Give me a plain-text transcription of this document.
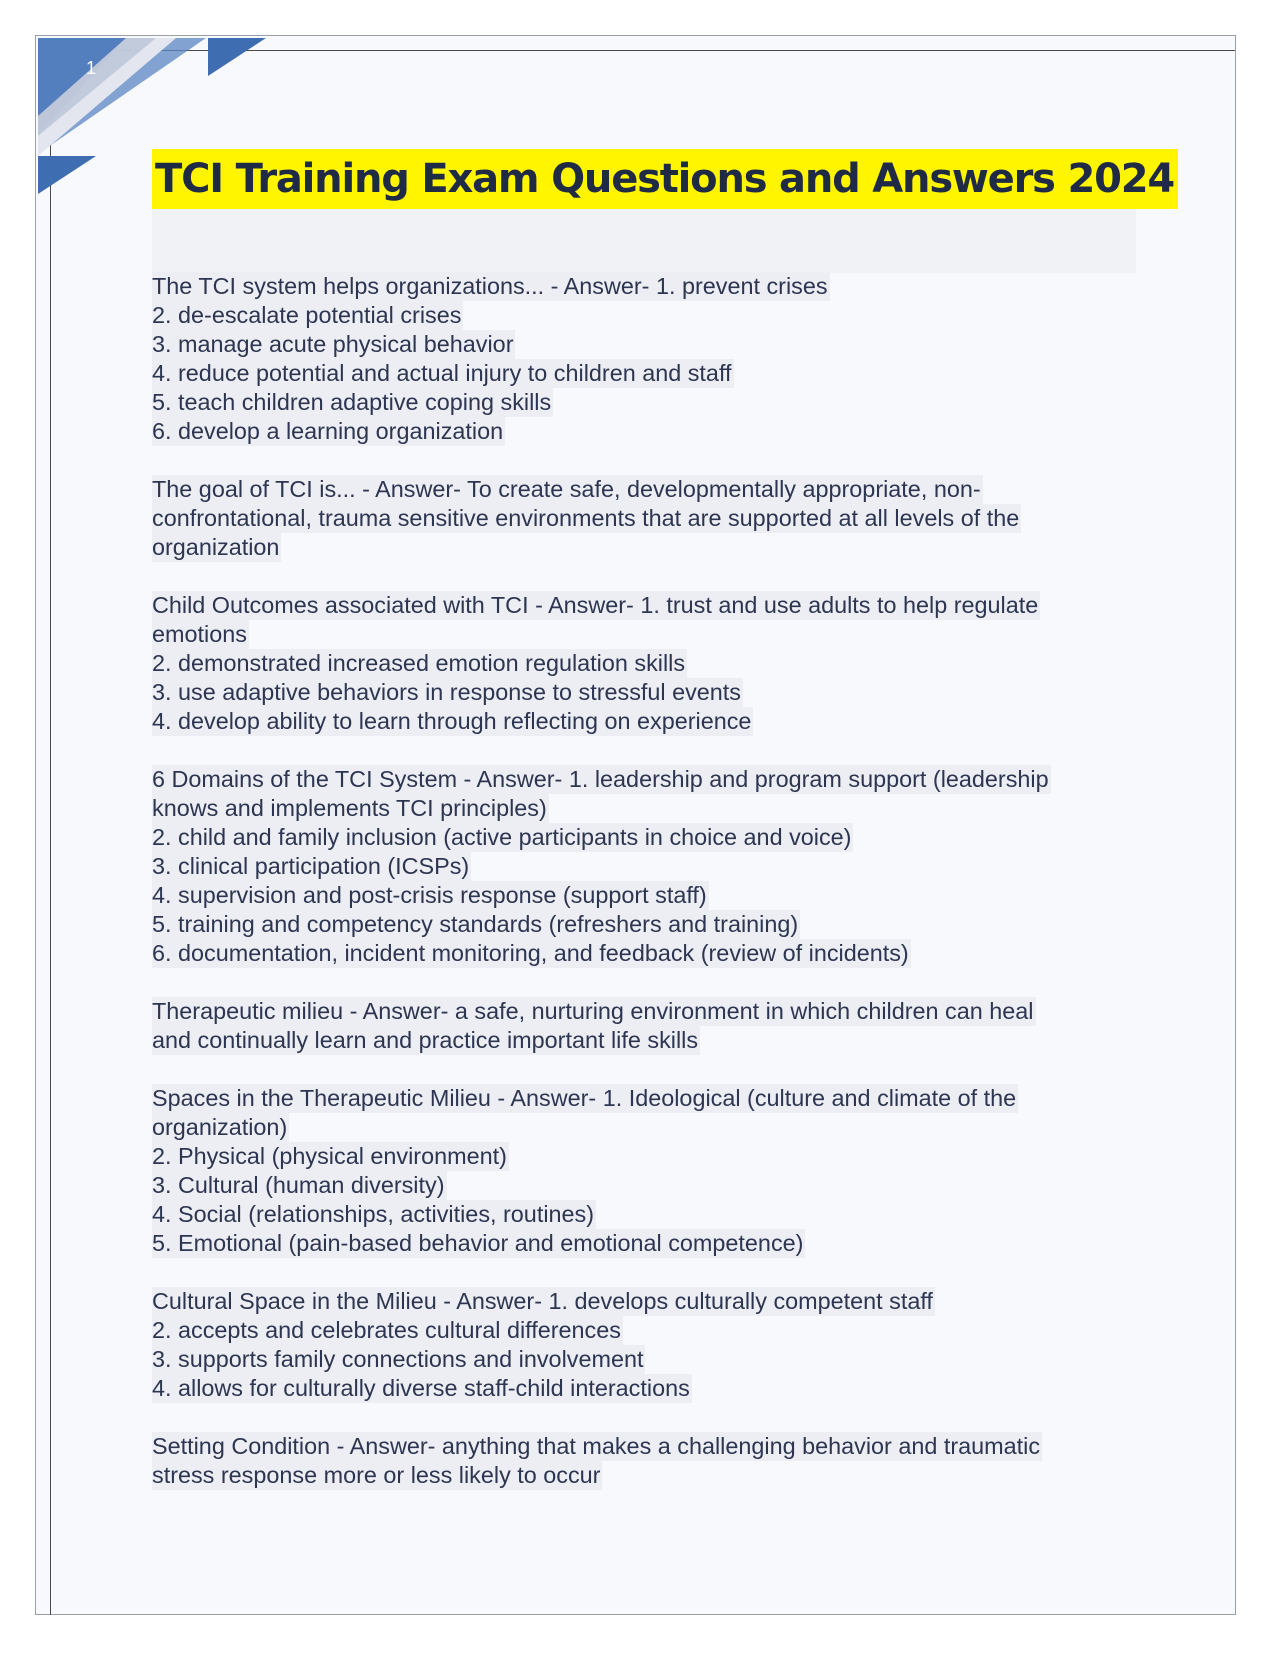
1
TCI Training Exam Questions and Answers 2024
The TCI system helps organizations... - Answer- 1. prevent crises
2. de-escalate potential crises
3. manage acute physical behavior
4. reduce potential and actual injury to children and staff
5. teach children adaptive coping skills
6. develop a learning organization
The goal of TCI is... - Answer- To create safe, developmentally appropriate, non-
confrontational, trauma sensitive environments that are supported at all levels of the
organization
Child Outcomes associated with TCI - Answer- 1. trust and use adults to help regulate
emotions
2. demonstrated increased emotion regulation skills
3. use adaptive behaviors in response to stressful events
4. develop ability to learn through reflecting on experience
6 Domains of the TCI System - Answer- 1. leadership and program support (leadership
knows and implements TCI principles)
2. child and family inclusion (active participants in choice and voice)
3. clinical participation (ICSPs)
4. supervision and post-crisis response (support staff)
5. training and competency standards (refreshers and training)
6. documentation, incident monitoring, and feedback (review of incidents)
Therapeutic milieu - Answer- a safe, nurturing environment in which children can heal
and continually learn and practice important life skills
Spaces in the Therapeutic Milieu - Answer- 1. Ideological (culture and climate of the
organization)
2. Physical (physical environment)
3. Cultural (human diversity)
4. Social (relationships, activities, routines)
5. Emotional (pain-based behavior and emotional competence)
Cultural Space in the Milieu - Answer- 1. develops culturally competent staff
2. accepts and celebrates cultural differences
3. supports family connections and involvement
4. allows for culturally diverse staff-child interactions
Setting Condition - Answer- anything that makes a challenging behavior and traumatic
stress response more or less likely to occur
